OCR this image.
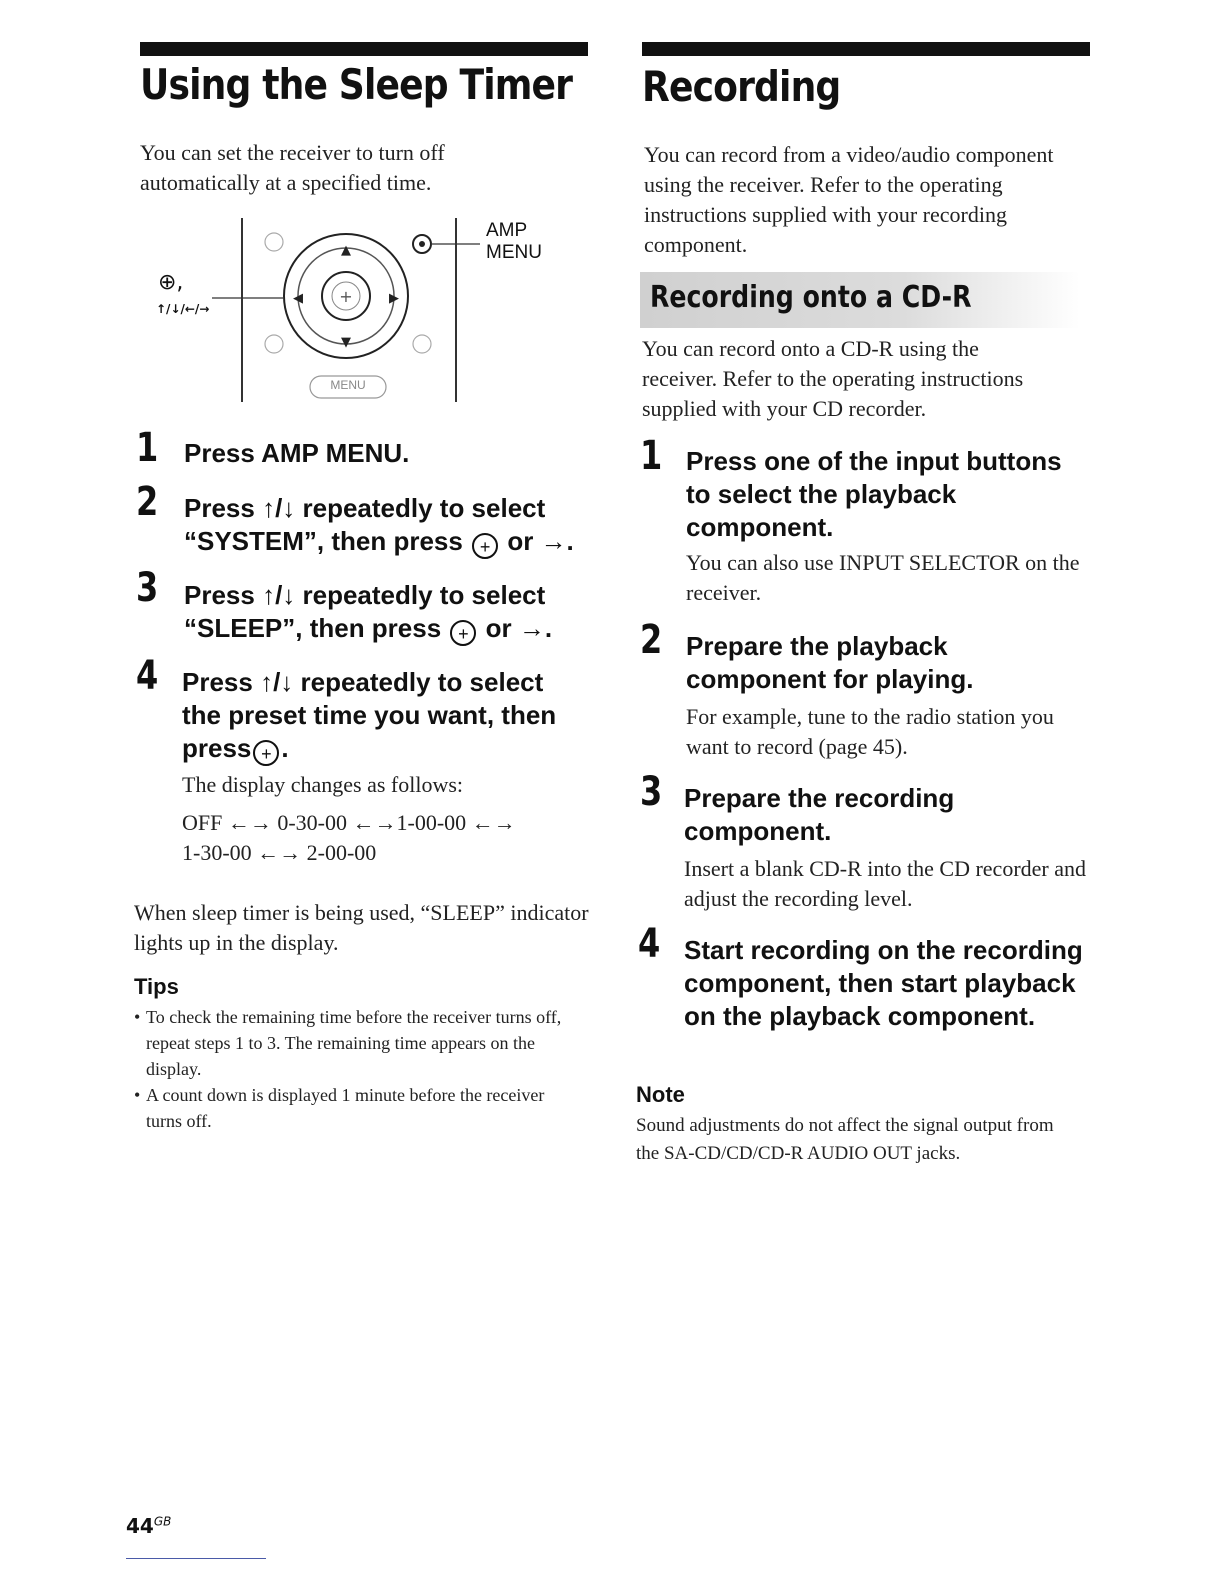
Using the Sleep Timer
You can set the receiver to turn off automatically at a specified time.
+
▲
▼
◀	▶
AMP
MENU
⊕,
↑/↓/←/→
MENU
1 Press AMP MENU.
2 Press ↑/↓ repeatedly to select
“SYSTEM”, then press + or →.
3 Press ↑/↓ repeatedly to select
“SLEEP”, then press + or →.
4 Press ↑/↓ repeatedly to select
the preset time you want, then
press + .
The display changes as follows:
OFF ←→ 0-30-00 ←→1-00-00 ←→
1-30-00 ←→ 2-00-00
When sleep timer is being used, “SLEEP” indicator lights up in the display.
Tips
• To check the remaining time before the receiver turns off, repeat steps 1 to 3. The remaining time appears on the display.
• A count down is displayed 1 minute before the receiver turns off.
Recording
You can record from a video/audio component using the receiver. Refer to the operating instructions supplied with your recording component.
Recording onto a CD-R
You can record onto a CD-R using the receiver. Refer to the operating instructions supplied with your CD recorder.
1 Press one of the input buttons to select the playback component.
You can also use INPUT SELECTOR on the receiver.
2 Prepare the playback component for playing.
For example, tune to the radio station you want to record (page 45).
3 Prepare the recording component.
Insert a blank CD-R into the CD recorder and adjust the recording level.
4 Start recording on the recording component, then start playback on the playback component.
Note
Sound adjustments do not affect the signal output from the SA-CD/CD/CD-R AUDIO OUT jacks.
$44^{GB}$
